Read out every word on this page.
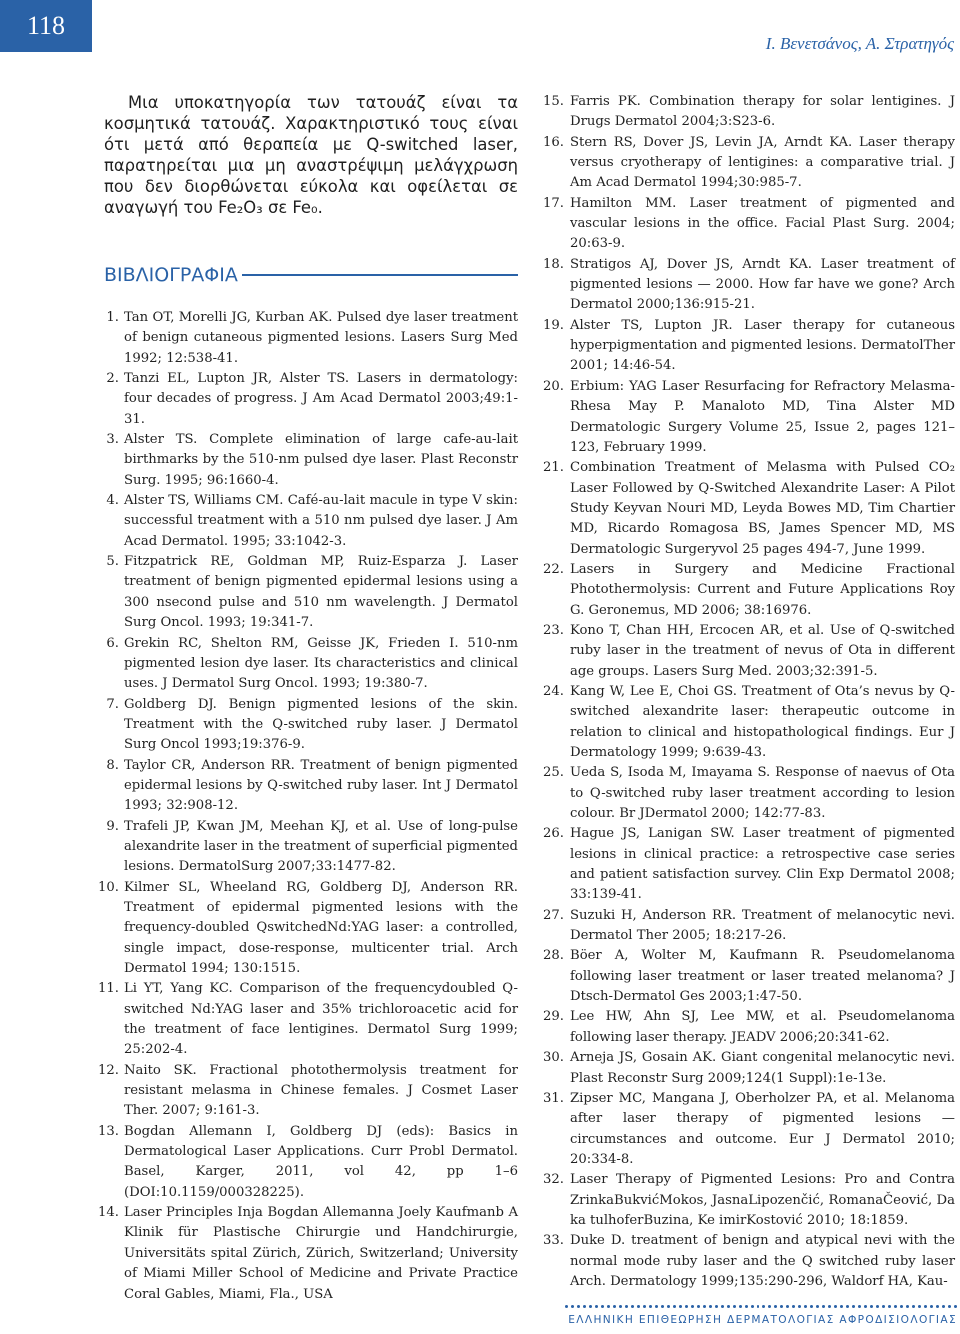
118
Ι. Βενετσάνος, Α. Στρατηγός

Μια υποκατηγορία των τατουάζ είναι τα κοσμητικά τατουάζ. Χαρακτηριστικό τους είναι ότι μετά από θεραπεία με Q-switched laser, παρατηρείται μια μη αναστρέψιμη μελάγχρωση που δεν διορθώνεται εύκολα και οφείλεται σε αναγωγή του Fe₂O₃ σε Fe₀.

ΒΙΒΛΙΟΓΡΑΦΙΑ
1. Tan OT, Morelli JG, Kurban AK. Pulsed dye laser treatment of benign cutaneous pigmented lesions. Lasers Surg Med 1992; 12:538-41.
2. Tanzi EL, Lupton JR, Alster TS. Lasers in dermatology: four decades of progress. J Am Acad Dermatol 2003;49:1-31.
3. Alster TS. Complete elimination of large cafe-au-lait birthmarks by the 510-nm pulsed dye laser. Plast Reconstr Surg. 1995; 96:1660-4.
4. Alster TS, Williams CM. Café-au-lait macule in type V skin: successful treatment with a 510 nm pulsed dye laser. J Am Acad Dermatol. 1995; 33:1042-3.
5. Fitzpatrick RE, Goldman MP, Ruiz-Esparza J. Laser treatment of benign pigmented epidermal lesions using a 300 nsecond pulse and 510 nm wavelength. J Dermatol Surg Oncol. 1993; 19:341-7.
6. Grekin RC, Shelton RM, Geisse JK, Frieden I. 510-nm pigmented lesion dye laser. Its characteristics and clinical uses. J Dermatol Surg Oncol. 1993; 19:380-7.
7. Goldberg DJ. Benign pigmented lesions of the skin. Treatment with the Q-switched ruby laser. J Dermatol Surg Oncol 1993;19:376-9.
8. Taylor CR, Anderson RR. Treatment of benign pigmented epidermal lesions by Q-switched ruby laser. Int J Dermatol 1993; 32:908-12.
9. Trafeli JP, Kwan JM, Meehan KJ, et al. Use of long-pulse alexandrite laser in the treatment of superficial pigmented lesions. DermatolSurg 2007;33:1477-82.
10. Kilmer SL, Wheeland RG, Goldberg DJ, Anderson RR. Treatment of epidermal pigmented lesions with the frequency-doubled QswitchedNd:YAG laser: a controlled, single impact, dose-response, multicenter trial. Arch Dermatol 1994; 130:1515.
11. Li YT, Yang KC. Comparison of the frequencydoubled Q-switched Nd:YAG laser and 35% trichloroacetic acid for the treatment of face lentigines. Dermatol Surg 1999; 25:202-4.
12. Naito SK. Fractional photothermolysis treatment for resistant melasma in Chinese females. J Cosmet Laser Ther. 2007; 9:161-3.
13. Bogdan Allemann I, Goldberg DJ (eds): Basics in Dermatological Laser Applications. Curr Probl Dermatol. Basel, Karger, 2011, vol 42, pp 1–6 (DOI:10.1159/000328225).
14. Laser Principles Inja Bogdan Allemanna Joely Kaufmanb A Klinik für Plastische Chirurgie und Handchirurgie, Universitäts spital Zürich, Zürich, Switzerland; University of Miami Miller School of Medicine and Private Practice Coral Gables, Miami, Fla., USA
15. Farris PK. Combination therapy for solar lentigines. J Drugs Dermatol 2004;3:S23-6.
16. Stern RS, Dover JS, Levin JA, Arndt KA. Laser therapy versus cryotherapy of lentigines: a comparative trial. J Am Acad Dermatol 1994;30:985-7.
17. Hamilton MM. Laser treatment of pigmented and vascular lesions in the office. Facial Plast Surg. 2004; 20:63-9.
18. Stratigos AJ, Dover JS, Arndt KA. Laser treatment of pigmented lesions — 2000. How far have we gone? Arch Dermatol 2000;136:915-21.
19. Alster TS, Lupton JR. Laser therapy for cutaneous hyperpigmentation and pigmented lesions. DermatolTher 2001; 14:46-54.
20. Erbium: YAG Laser Resurfacing for Refractory Melasma-Rhesa May P. Manaloto MD, Tina Alster MD Dermatologic Surgery Volume 25, Issue 2, pages 121–123, February 1999.
21. Combination Treatment of Melasma with Pulsed CO₂ Laser Followed by Q-Switched Alexandrite Laser: A Pilot Study Keyvan Nouri MD, Leyda Bowes MD, Tim Chartier MD, Ricardo Romagosa BS, James Spencer MD, MS Dermatologic Surgeryvol 25 pages 494-7, June 1999.
22. Lasers in Surgery and Medicine Fractional Photothermolysis: Current and Future Applications Roy G. Geronemus, MD 2006; 38:16976.
23. Kono T, Chan HH, Ercocen AR, et al. Use of Q-switched ruby laser in the treatment of nevus of Ota in different age groups. Lasers Surg Med. 2003;32:391-5.
24. Kang W, Lee E, Choi GS. Treatment of Ota’s nevus by Q-switched alexandrite laser: therapeutic outcome in relation to clinical and histopathological findings. Eur J Dermatology 1999; 9:639-43.
25. Ueda S, Isoda M, Imayama S. Response of naevus of Ota to Q-switched ruby laser treatment according to lesion colour. Br JDermatol 2000; 142:77-83.
26. Hague JS, Lanigan SW. Laser treatment of pigmented lesions in clinical practice: a retrospective case series and patient satisfaction survey. Clin Exp Dermatol 2008; 33:139-41.
27. Suzuki H, Anderson RR. Treatment of melanocytic nevi. Dermatol Ther 2005; 18:217-26.
28. Böer A, Wolter M, Kaufmann R. Pseudomelanoma following laser treatment or laser treated melanoma? J Dtsch-Dermatol Ges 2003;1:47-50.
29. Lee HW, Ahn SJ, Lee MW, et al. Pseudomelanoma following laser therapy. JEADV 2006;20:341-62.
30. Arneja JS, Gosain AK. Giant congenital melanocytic nevi. Plast Reconstr Surg 2009;124(1 Suppl):1e-13e.
31. Zipser MC, Mangana J, Oberholzer PA, et al. Melanoma after laser therapy of pigmented lesions — circumstances and outcome. Eur J Dermatol 2010; 20:334-8.
32. Laser Therapy of Pigmented Lesions: Pro and Contra ZrinkaBukvićMokos, JasnaLipozenčić, RomanaČeović, Da ka tulhoferBuzina, Ke imirKostović 2010; 18:1859.
33. Duke D. treatment of benign and atypical nevi with the normal mode ruby laser and the Q switched ruby laser Arch. Dermatology 1999;135:290-296, Waldorf HA, Kau-
ΕΛΛΗΝΙΚΗ ΕΠΙΘΕΩΡΗΣΗ ΔΕΡΜΑΤΟΛΟΓΙΑΣ ΑΦΡΟΔΙΣΙΟΛΟΓΙΑΣ
